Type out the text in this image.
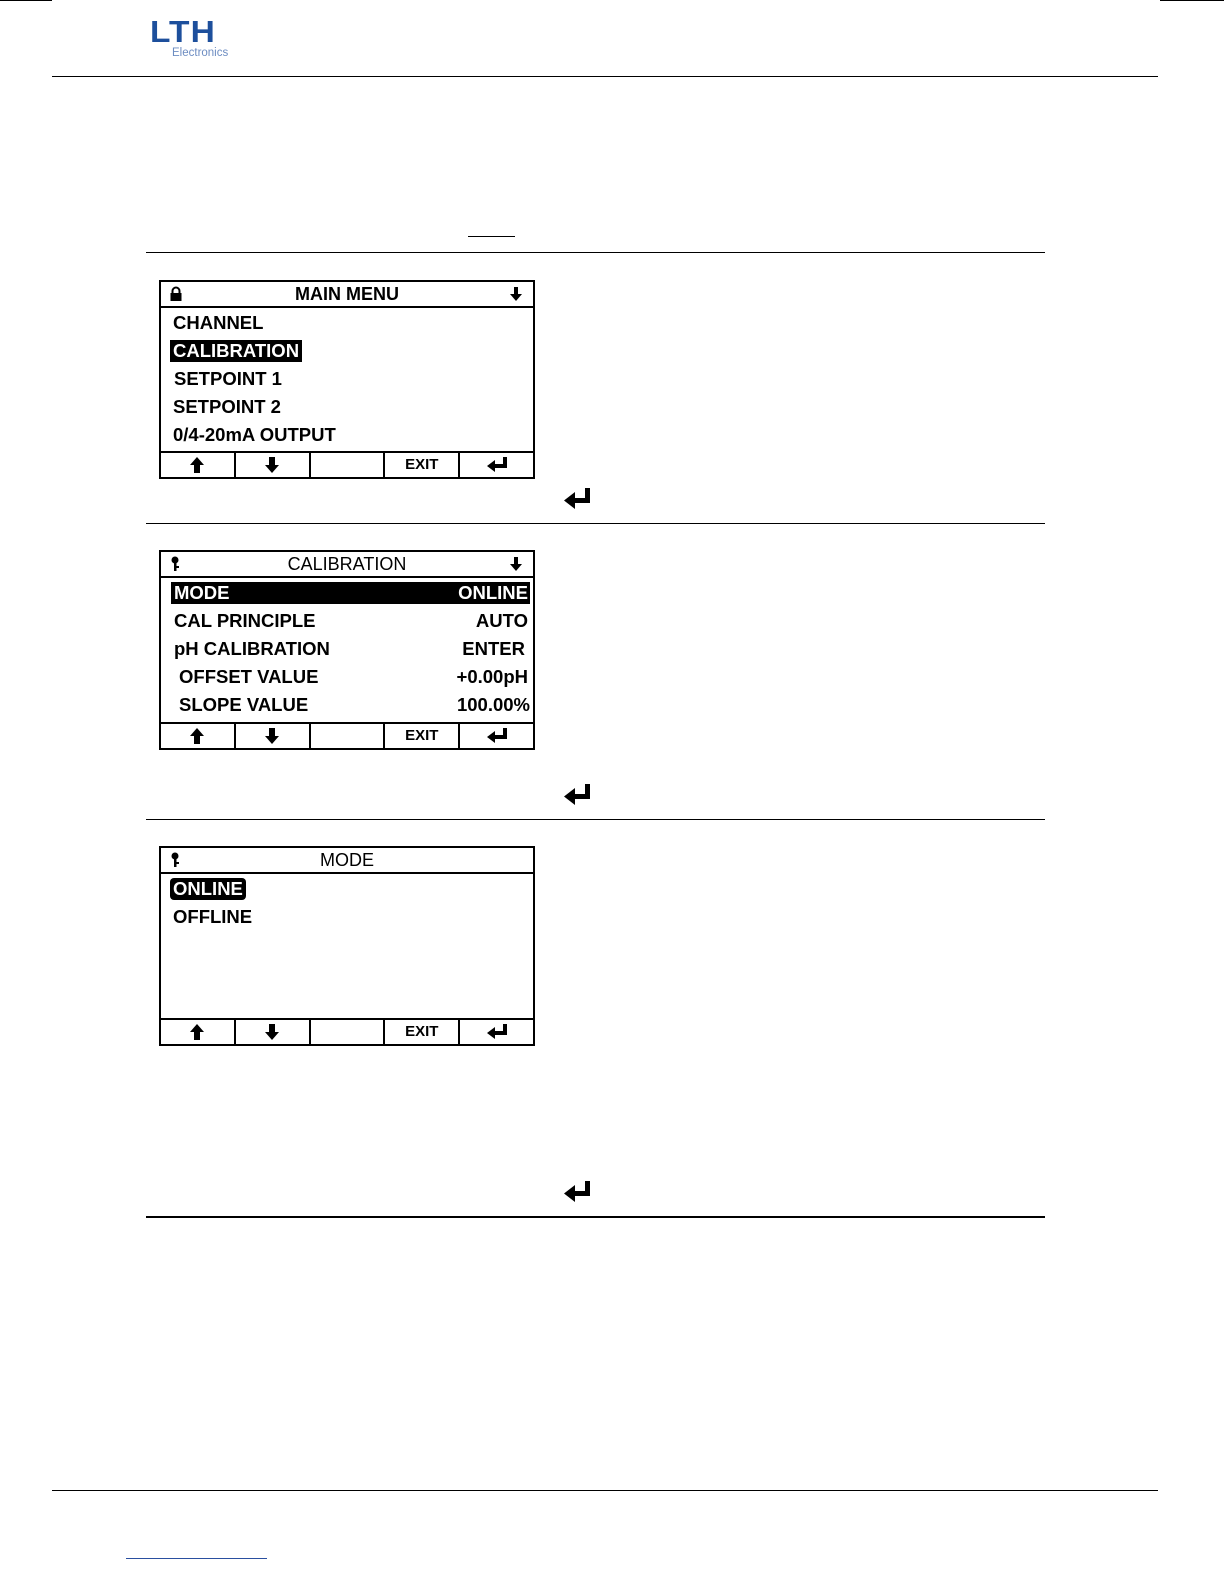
LTH
Electronics
MAIN MENU
CHANNEL
CALIBRATION
SETPOINT 1
SETPOINT 2
0/4-20mA OUTPUT
EXIT
CALIBRATION
MODE	ONLINE
CAL PRINCIPLE	AUTO
pH CALIBRATION	ENTER
OFFSET VALUE	+0.00pH
SLOPE VALUE	100.00%
EXIT
MODE
ONLINE
OFFLINE
EXIT
